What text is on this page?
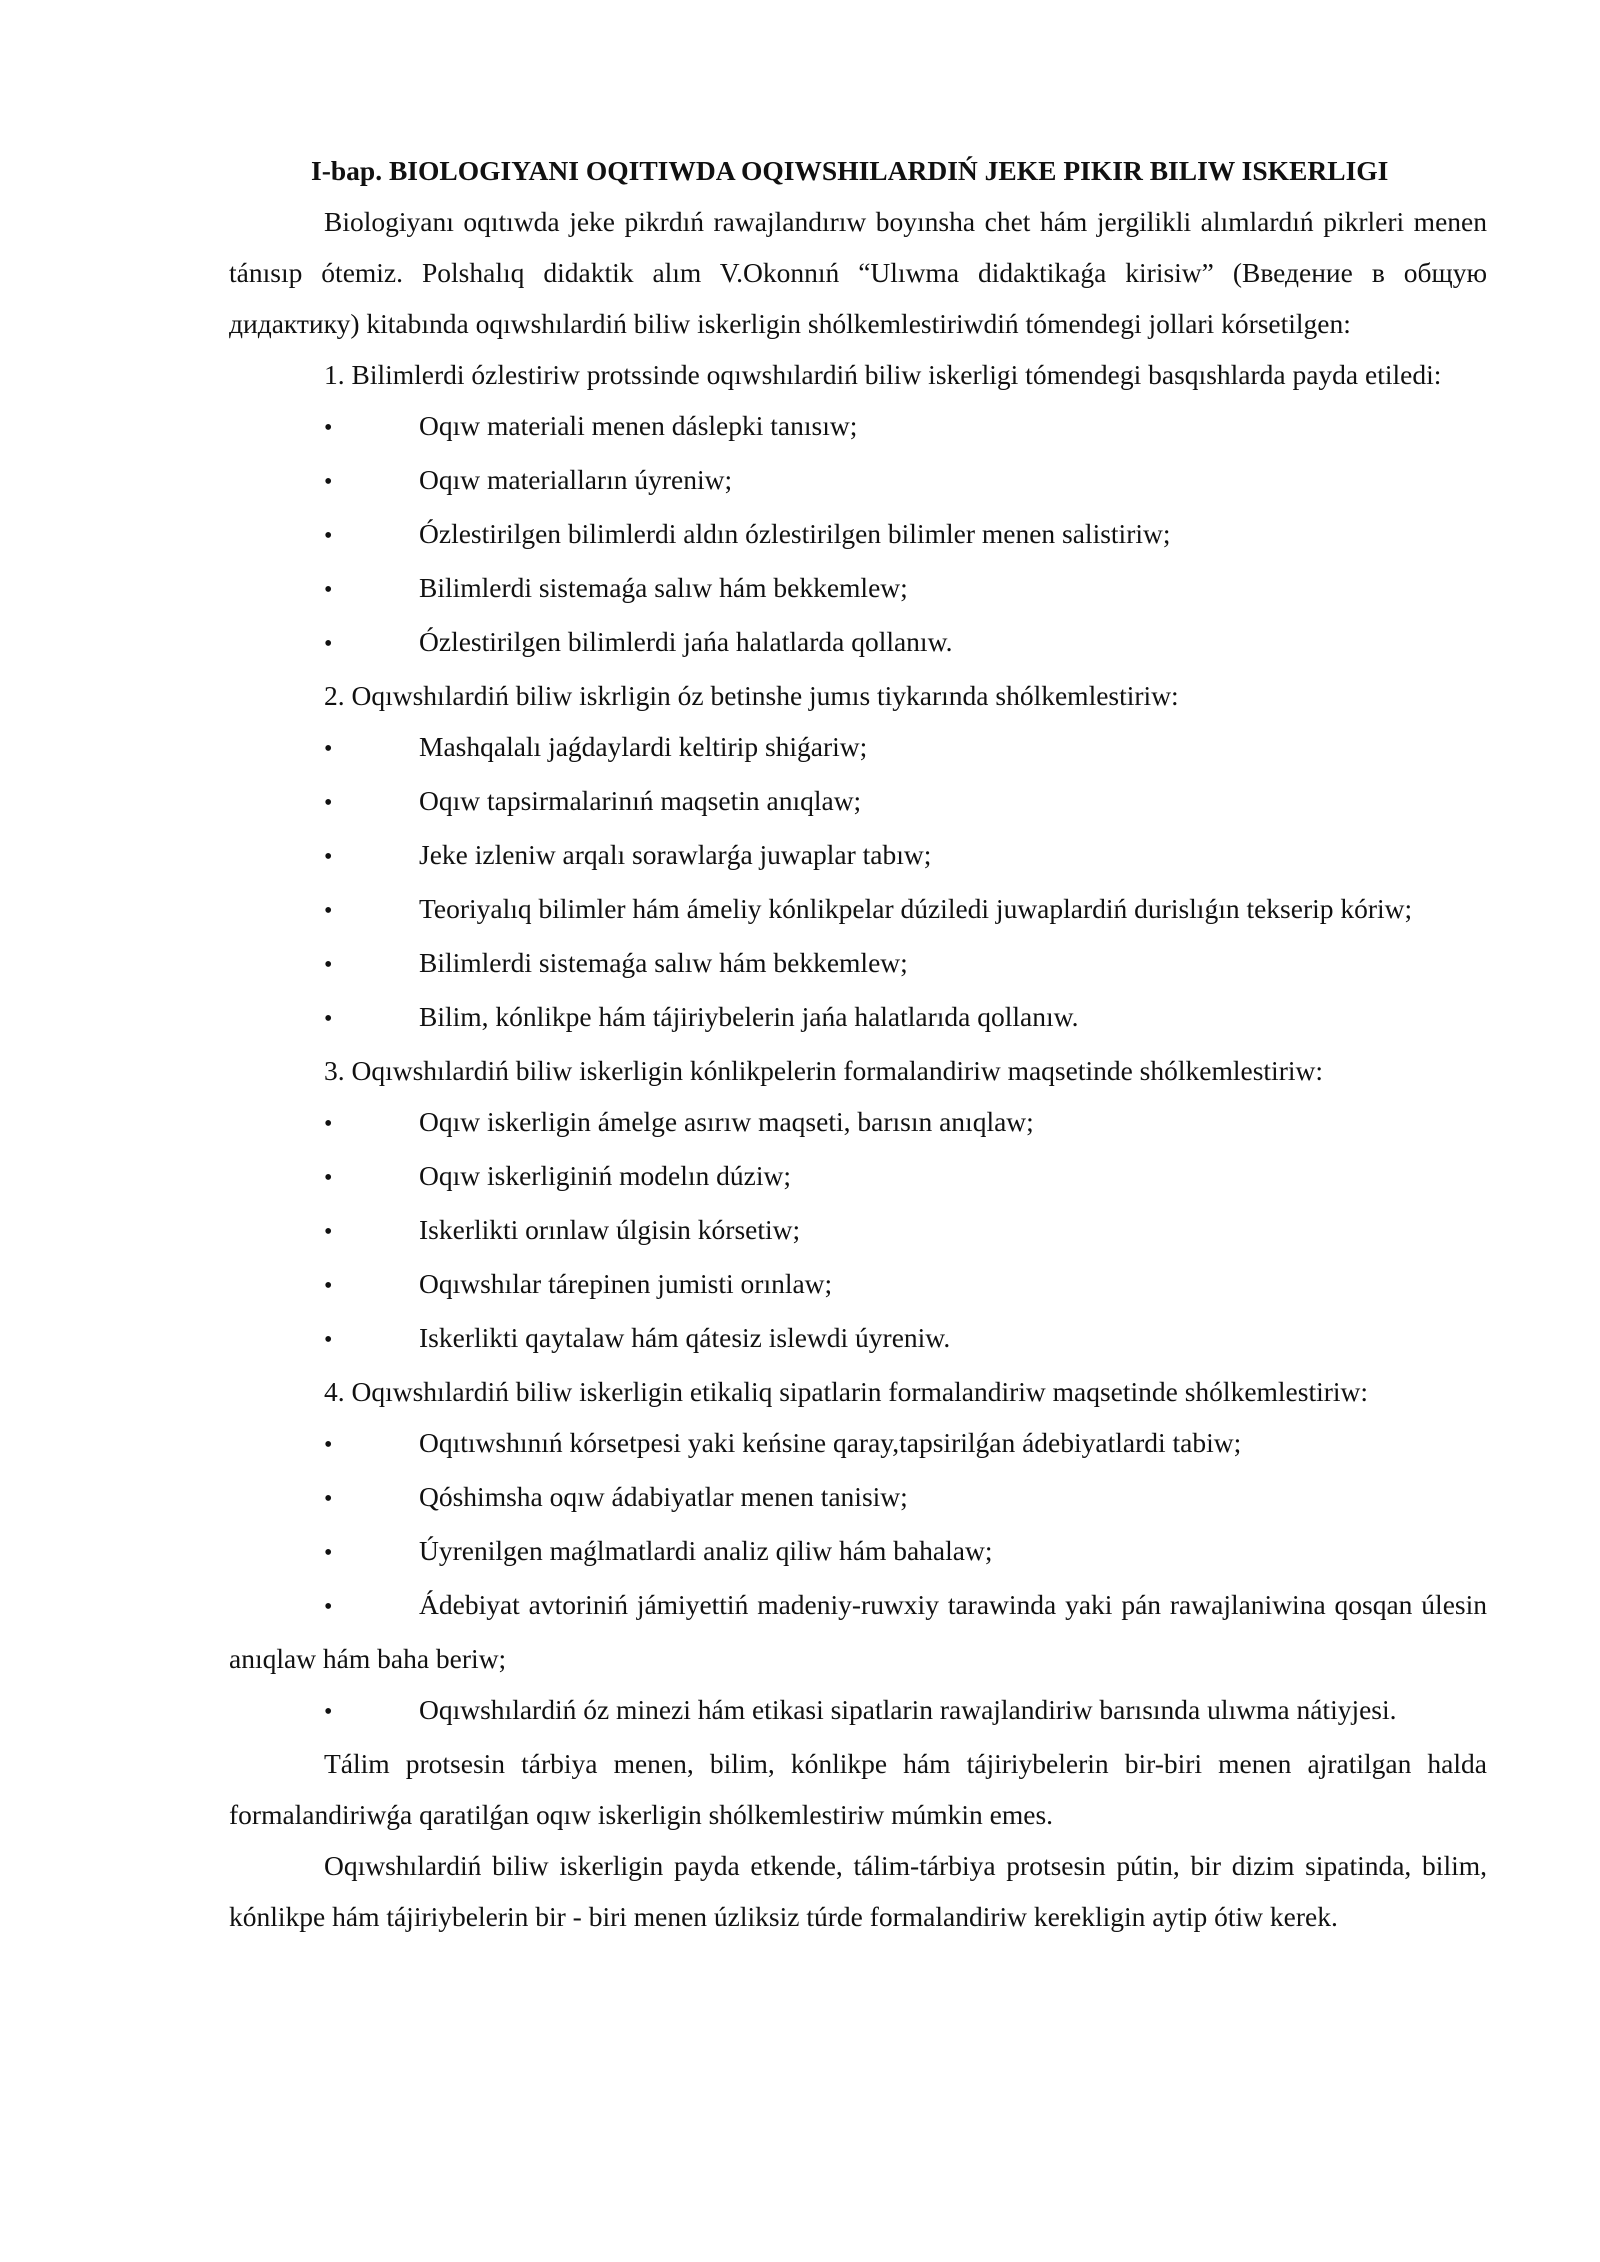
I-bap. BIOLOGIYANI OQITIWDA OQIWSHILARDIŃ JEKE PIKIR BILIW ISKERLIGI

Biologiyanı oqıtıwda jeke pikrdıń rawajlandırıw boyınsha chet hám jergilikli alımlardıń pikrleri menen tánısıp ótemiz. Polshalıq didaktik alım V.Okonnıń “Ulıwma didaktikaǵa kirisiw” (Введение в общую дидактику) kitabında oqıwshılardiń biliw iskerligin shólkemlestiriwdiń tómendegi jollari kórsetilgen:

1. Bilimlerdi ózlestiriw protssinde oqıwshılardiń biliw iskerligi tómendegi basqıshlarda payda etiledi:

•	Oqıw materiali menen dáslepki tanısıw;

•	Oqıw materialların úyreniw;

•	Ózlestirilgen bilimlerdi aldın ózlestirilgen bilimler menen salistiriw;

•	Bilimlerdi sistemaǵa salıw hám bekkemlew;

•	Ózlestirilgen bilimlerdi jańa halatlarda qollanıw.

2. Oqıwshılardiń biliw iskrligin óz betinshe jumıs tiykarında shólkemlestiriw:

•	Mashqalalı jaǵdaylardi keltirip shiǵariw;

•	Oqıw tapsirmalarinıń maqsetin anıqlaw;

•	Jeke izleniw arqalı sorawlarǵa juwaplar tabıw;

•	Teoriyalıq bilimler hám ámeliy kónlikpelar dúziledi juwaplardiń durislıǵın tekserip kóriw;

•	Bilimlerdi sistemaǵa salıw hám bekkemlew;

•	Bilim, kónlikpe hám tájiriybelerin jańa halatlarıda qollanıw.

3. Oqıwshılardiń biliw iskerligin kónlikpelerin formalandiriw maqsetinde shólkemlestiriw:

•	Oqıw iskerligin ámelge asırıw maqseti, barısın anıqlaw;

•	Oqıw iskerliginiń modelın dúziw;

•	Iskerlikti orınlaw úlgisin kórsetiw;

•	Oqıwshılar tárepinen jumisti orınlaw;

•	Iskerlikti qaytalaw hám qátesiz islewdi úyreniw.

4. Oqıwshılardiń biliw iskerligin etikaliq sipatlarin formalandiriw maqsetinde shólkemlestiriw:

•	Oqıtıwshınıń kórsetpesi yaki keńsine qaray,tapsirilǵan ádebiyatlardi tabiw;

•	Qóshimsha oqıw ádabiyatlar menen tanisiw;

•	Úyrenilgen maǵlmatlardi analiz qiliw hám bahalaw;

•	Ádebiyat avtoriniń jámiyettiń madeniy-ruwxiy tarawinda yaki pán rawajlaniwina qosqan úlesin anıqlaw hám baha beriw;

•	Oqıwshılardiń óz minezi hám etikasi sipatlarin rawajlandiriw barısında ulıwma nátiyjesi.

Tálim protsesin tárbiya menen, bilim, kónlikpe hám tájiriybelerin bir-biri menen ajratilgan halda formalandiriwǵa qaratilǵan oqıw iskerligin shólkemlestiriw múmkin emes.

Oqıwshılardiń biliw iskerligin payda etkende, tálim-tárbiya protsesin pútin, bir dizim sipatinda, bilim, kónlikpe hám tájiriybelerin bir - biri menen úzliksiz túrde formalandiriw kerekligin aytip ótiw kerek.
